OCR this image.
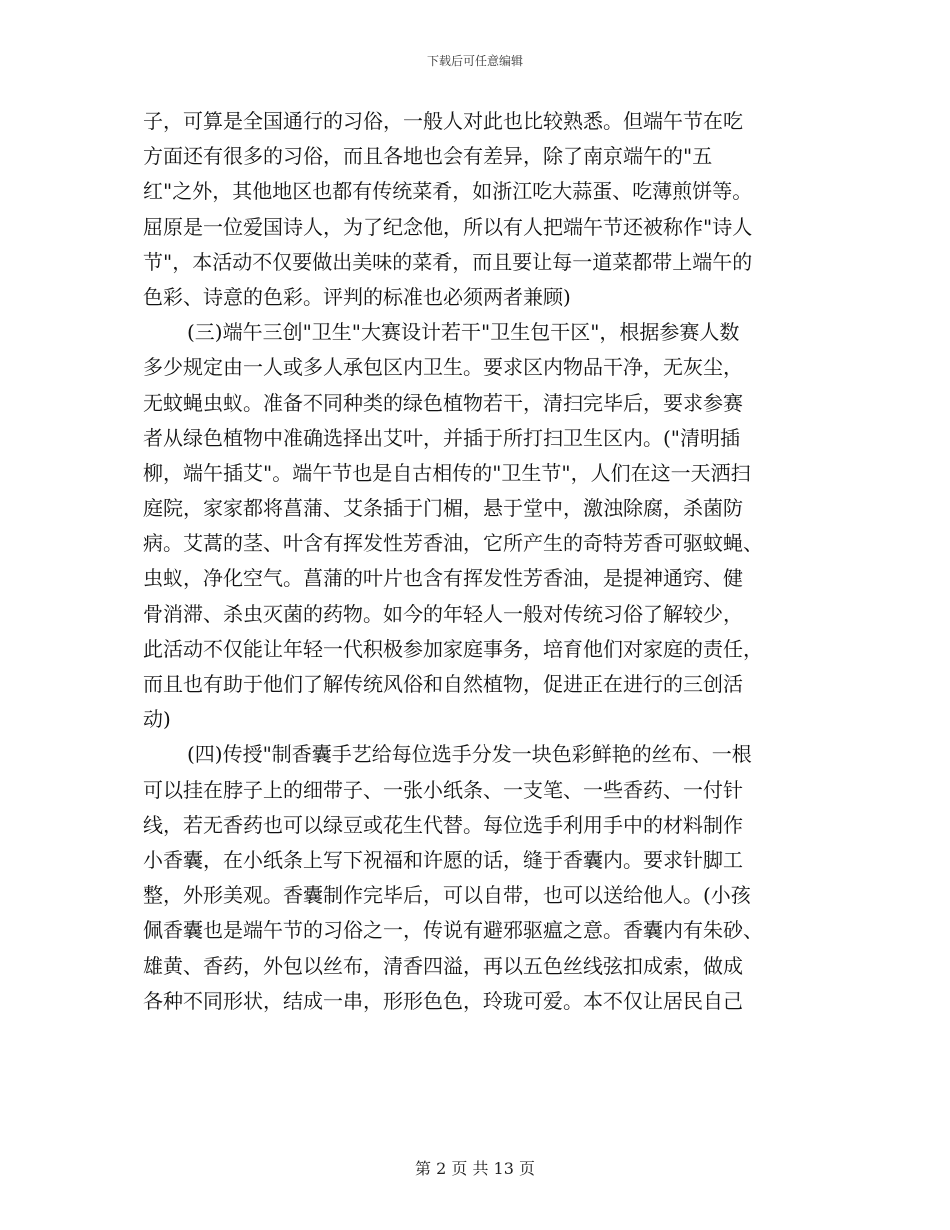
下载后可任意编辑
子，可算是全国通行的习俗，一般人对此也比较熟悉。但端午节在吃
方面还有很多的习俗，而且各地也会有差异，除了南京端午的"五
红"之外，其他地区也都有传统菜肴，如浙江吃大蒜蛋、吃薄煎饼等。
屈原是一位爱国诗人，为了纪念他，所以有人把端午节还被称作"诗人
节"，本活动不仅要做出美味的菜肴，而且要让每一道菜都带上端午的
色彩、诗意的色彩。评判的标准也必须两者兼顾)
(三)端午三创"卫生"大赛设计若干"卫生包干区"，根据参赛人数
多少规定由一人或多人承包区内卫生。要求区内物品干净，无灰尘，
无蚊蝇虫蚁。准备不同种类的绿色植物若干，清扫完毕后，要求参赛
者从绿色植物中准确选择出艾叶，并插于所打扫卫生区内。("清明插
柳，端午插艾"。端午节也是自古相传的"卫生节"，人们在这一天洒扫
庭院，家家都将菖蒲、艾条插于门楣，悬于堂中，激浊除腐，杀菌防
病。艾蒿的茎、叶含有挥发性芳香油，它所产生的奇特芳香可驱蚊蝇、
虫蚁，净化空气。菖蒲的叶片也含有挥发性芳香油，是提神通窍、健
骨消滞、杀虫灭菌的药物。如今的年轻人一般对传统习俗了解较少，
此活动不仅能让年轻一代积极参加家庭事务，培育他们对家庭的责任，
而且也有助于他们了解传统风俗和自然植物，促进正在进行的三创活
动)
(四)传授"制香囊手艺给每位选手分发一块色彩鲜艳的丝布、一根
可以挂在脖子上的细带子、一张小纸条、一支笔、一些香药、一付针
线，若无香药也可以绿豆或花生代替。每位选手利用手中的材料制作
小香囊，在小纸条上写下祝福和许愿的话，缝于香囊内。要求针脚工
整，外形美观。香囊制作完毕后，可以自带，也可以送给他人。(小孩
佩香囊也是端午节的习俗之一，传说有避邪驱瘟之意。香囊内有朱砂、
雄黄、香药，外包以丝布，清香四溢，再以五色丝线弦扣成索，做成
各种不同形状，结成一串，形形色色，玲珑可爱。本不仅让居民自己
第 2 页 共 13 页
